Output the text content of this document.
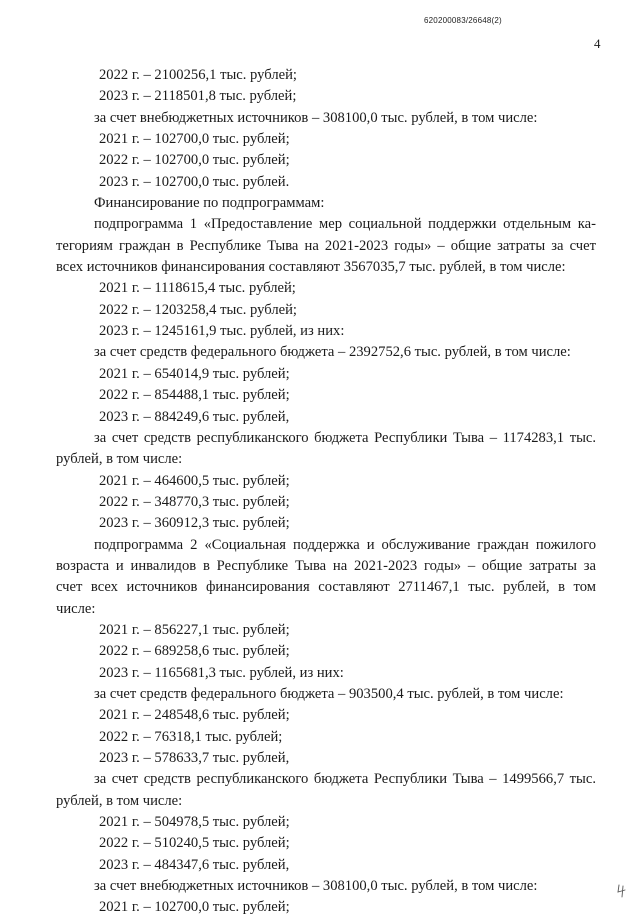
620200083/26648(2)
4
2022 г. – 2100256,1 тыс. рублей;
2023 г. – 2118501,8 тыс. рублей;
за счет внебюджетных источников – 308100,0 тыс. рублей, в том числе:
2021 г. – 102700,0 тыс. рублей;
2022 г. – 102700,0 тыс. рублей;
2023 г. – 102700,0 тыс. рублей.
Финансирование по подпрограммам:
подпрограмма 1 «Предоставление мер социальной поддержки отдельным ка-
тегориям граждан в Республике Тыва на 2021-2023 годы» – общие затраты за счет
всех источников финансирования составляют 3567035,7 тыс. рублей, в том числе:
2021 г. – 1118615,4 тыс. рублей;
2022 г. – 1203258,4 тыс. рублей;
2023 г. – 1245161,9 тыс. рублей, из них:
за счет средств федерального бюджета – 2392752,6 тыс. рублей, в том числе:
2021 г. – 654014,9 тыс. рублей;
2022 г. – 854488,1 тыс. рублей;
2023 г. – 884249,6 тыс. рублей,
за счет средств республиканского бюджета Республики Тыва – 1174283,1 тыс.
рублей, в том числе:
2021 г. – 464600,5 тыс. рублей;
2022 г. – 348770,3 тыс. рублей;
2023 г. – 360912,3 тыс. рублей;
подпрограмма 2 «Социальная поддержка и обслуживание граждан пожилого
возраста и инвалидов в Республике Тыва на 2021-2023 годы» – общие затраты за
счет всех источников финансирования составляют 2711467,1 тыс. рублей, в том
числе:
2021 г. – 856227,1 тыс. рублей;
2022 г. – 689258,6 тыс. рублей;
2023 г. – 1165681,3 тыс. рублей, из них:
за счет средств федерального бюджета – 903500,4 тыс. рублей, в том числе:
2021 г. – 248548,6 тыс. рублей;
2022 г. – 76318,1 тыс. рублей;
2023 г. – 578633,7 тыс. рублей,
за счет средств республиканского бюджета Республики Тыва – 1499566,7 тыс.
рублей, в том числе:
2021 г. – 504978,5 тыс. рублей;
2022 г. – 510240,5 тыс. рублей;
2023 г. – 484347,6 тыс. рублей,
за счет внебюджетных источников – 308100,0 тыс. рублей, в том числе:
2021 г. – 102700,0 тыс. рублей;
